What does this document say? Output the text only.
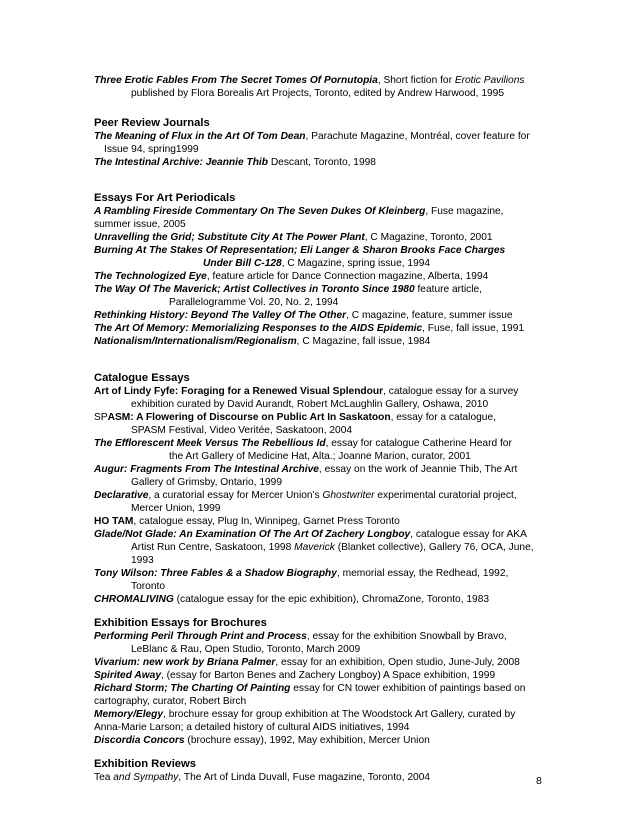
Three Erotic Fables From The Secret Tomes Of Pornutopia, Short fiction for Erotic Pavilions
published by Flora Borealis Art Projects, Toronto, edited by Andrew Harwood, 1995
Peer Review Journals
The Meaning of Flux in the Art Of Tom Dean, Parachute Magazine, Montréal, cover feature for
Issue 94, spring1999
The Intestinal Archive: Jeannie Thib Descant, Toronto, 1998
Essays For Art Periodicals
A Rambling Fireside Commentary On The Seven Dukes Of Kleinberg, Fuse magazine,
summer issue, 2005
Unravelling the Grid; Substitute City At The Power Plant, C Magazine, Toronto, 2001
Burning At The Stakes Of Representation; Eli Langer & Sharon Brooks Face Charges
Under Bill C-128, C Magazine, spring issue, 1994
The Technologized Eye, feature article for Dance Connection magazine, Alberta, 1994
The Way Of The Maverick; Artist Collectives in Toronto Since 1980 feature article,
Parallelogramme Vol. 20, No. 2, 1994
Rethinking History: Beyond The Valley Of The Other, C magazine, feature, summer issue
The Art Of Memory: Memorializing Responses to the AIDS Epidemic, Fuse, fall issue, 1991
Nationalism/Internationalism/Regionalism, C Magazine, fall issue, 1984
Catalogue Essays
Art of Lindy Fyfe: Foraging for a Renewed Visual Splendour, catalogue essay for a survey
exhibition curated by David Aurandt, Robert McLaughlin Gallery, Oshawa, 2010
SPASM: A Flowering of Discourse on Public Art In Saskatoon, essay for a catalogue,
SPASM Festival, Video Veritée, Saskatoon, 2004
The Efflorescent Meek Versus The Rebellious Id, essay for catalogue Catherine Heard for
the Art Gallery of Medicine Hat, Alta.; Joanne Marion, curator, 2001
Augur: Fragments From The Intestinal Archive, essay on the work of Jeannie Thib, The Art
Gallery of Grimsby, Ontario, 1999
Declarative, a curatorial essay for Mercer Union's Ghostwriter experimental curatorial project,
Mercer Union, 1999
HO TAM, catalogue essay, Plug In, Winnipeg, Garnet Press Toronto
Glade/Not Glade: An Examination Of The Art Of Zachery Longboy, catalogue essay for AKA
Artist Run Centre, Saskatoon, 1998 Maverick (Blanket collective), Gallery 76, OCA, June,
1993
Tony Wilson: Three Fables & a Shadow Biography, memorial essay, the Redhead, 1992,
Toronto
CHROMALIVING (catalogue essay for the epic exhibition), ChromaZone, Toronto, 1983
Exhibition Essays for Brochures
Performing Peril Through Print and Process, essay for the exhibition Snowball by Bravo,
LeBlanc & Rau, Open Studio, Toronto, March 2009
Vivarium: new work by Briana Palmer, essay for an exhibition, Open studio, June-July, 2008
Spirited Away, (essay for Barton Benes and Zachery Longboy) A Space exhibition, 1999
Richard Storm; The Charting Of Painting essay for CN tower exhibition of paintings based on
cartography, curator, Robert Birch
Memory/Elegy, brochure essay for group exhibition at The Woodstock Art Gallery, curated by
Anna-Marie Larson; a detailed history of cultural AIDS initiatives, 1994
Discordia Concors (brochure essay), 1992, May exhibition, Mercer Union
Exhibition Reviews
Tea and Sympathy, The Art of Linda Duvall, Fuse magazine, Toronto, 2004	8
